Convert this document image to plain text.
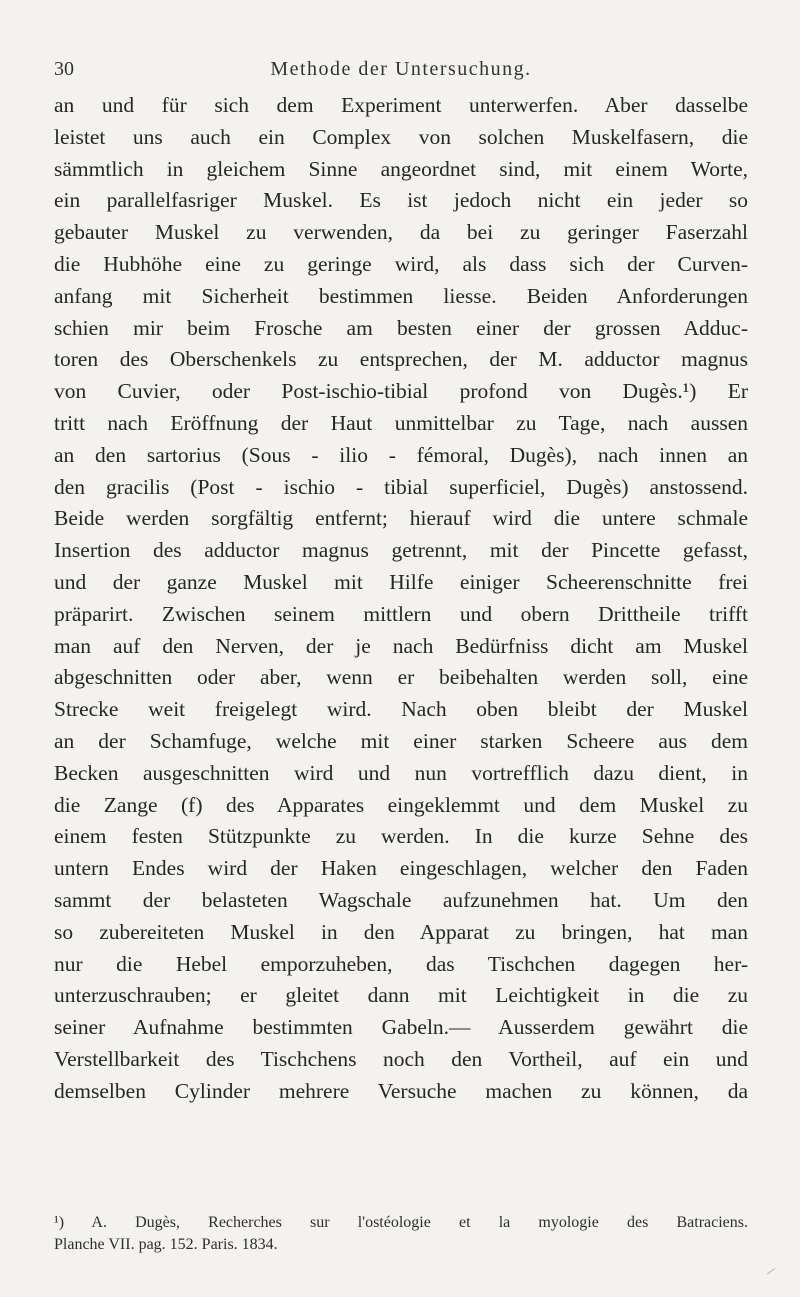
30	Methode der Untersuchung.
an und für sich dem Experiment unterwerfen. Aber dasselbe
leistet uns auch ein Complex von solchen Muskelfasern, die
sämmtlich in gleichem Sinne angeordnet sind, mit einem Worte,
ein parallelfasriger Muskel. Es ist jedoch nicht ein jeder so
gebauter Muskel zu verwenden, da bei zu geringer Faserzahl
die Hubhöhe eine zu geringe wird, als dass sich der Curven-
anfang mit Sicherheit bestimmen liesse. Beiden Anforderungen
schien mir beim Frosche am besten einer der grossen Adduc-
toren des Oberschenkels zu entsprechen, der M. adductor magnus
von Cuvier, oder Post-ischio-tibial profond von Dugès.¹) Er
tritt nach Eröffnung der Haut unmittelbar zu Tage, nach aussen
an den sartorius (Sous - ilio - fémoral, Dugès), nach innen an
den gracilis (Post - ischio - tibial superficiel, Dugès) anstossend.
Beide werden sorgfältig entfernt; hierauf wird die untere schmale
Insertion des adductor magnus getrennt, mit der Pincette gefasst,
und der ganze Muskel mit Hilfe einiger Scheerenschnitte frei
präparirt. Zwischen seinem mittlern und obern Drittheile trifft
man auf den Nerven, der je nach Bedürfniss dicht am Muskel
abgeschnitten oder aber, wenn er beibehalten werden soll, eine
Strecke weit freigelegt wird. Nach oben bleibt der Muskel
an der Schamfuge, welche mit einer starken Scheere aus dem
Becken ausgeschnitten wird und nun vortrefflich dazu dient, in
die Zange (f) des Apparates eingeklemmt und dem Muskel zu
einem festen Stützpunkte zu werden. In die kurze Sehne des
untern Endes wird der Haken eingeschlagen, welcher den Faden
sammt der belasteten Wagschale aufzunehmen hat. Um den
so zubereiteten Muskel in den Apparat zu bringen, hat man
nur die Hebel emporzuheben, das Tischchen dagegen her-
unterzuschrauben; er gleitet dann mit Leichtigkeit in die zu
seiner Aufnahme bestimmten Gabeln.— Ausserdem gewährt die
Verstellbarkeit des Tischchens noch den Vortheil, auf ein und
demselben Cylinder mehrere Versuche machen zu können, da
¹) A. Dugès, Recherches sur l'ostéologie et la myologie des Batraciens.
Planche VII. pag. 152. Paris. 1834.
